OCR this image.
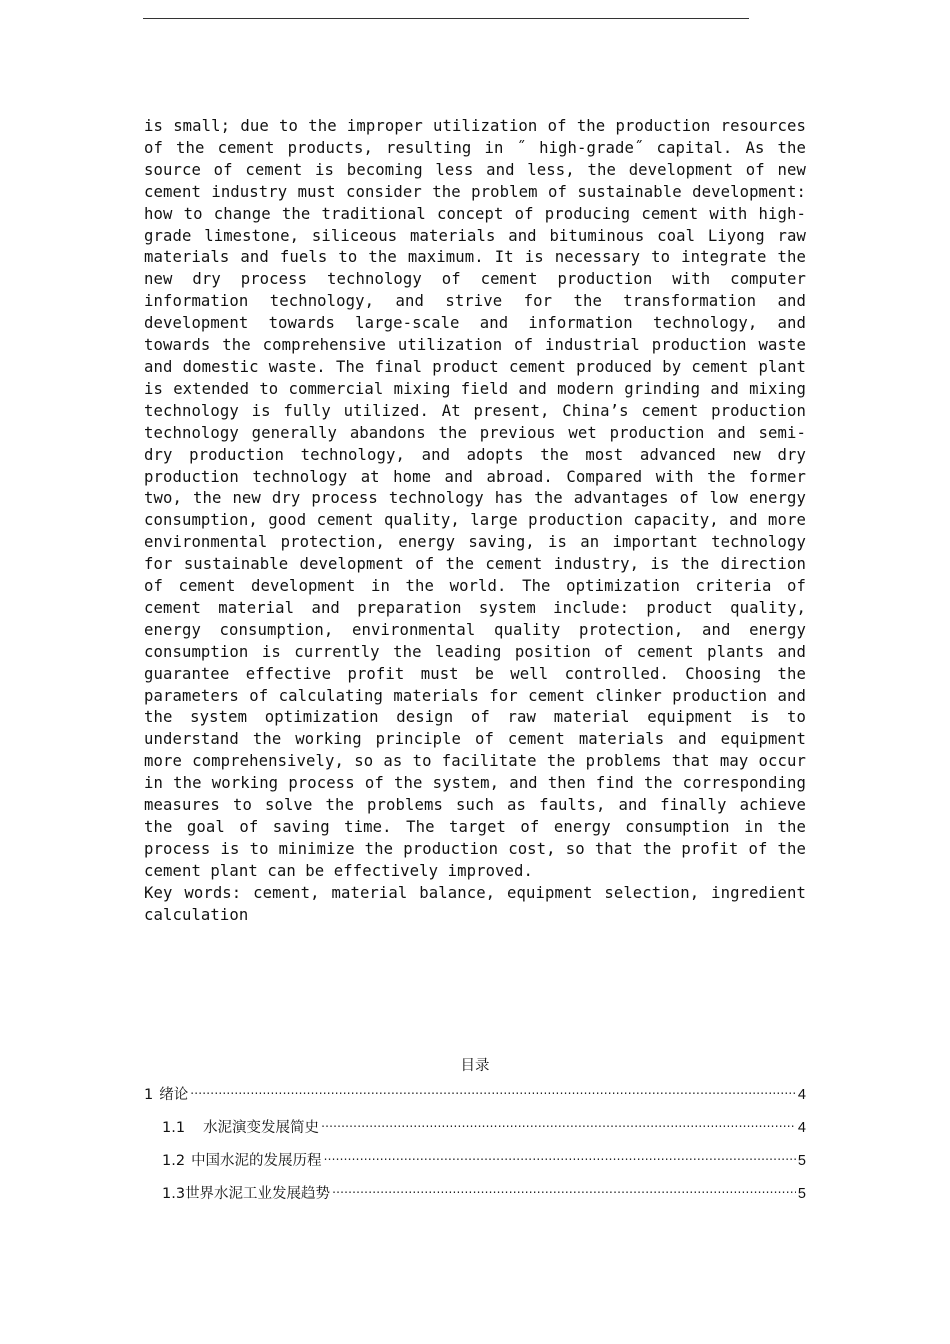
is small; due to the improper utilization of the production resources of the cement products, resulting in ˝ high-grade˝ capital. As the source of cement is becoming less and less, the development of new cement industry must consider the problem of sustainable development: how to change the traditional concept of producing cement with high-grade limestone, siliceous materials and bituminous coal Liyong raw materials and fuels to the maximum. It is necessary to integrate the new dry process technology of cement production with computer information technology, and strive for the transformation and development towards large-scale and information technology, and towards the comprehensive utilization of industrial production waste and domestic waste. The final product cement produced by cement plant is extended to commercial mixing field and modern grinding and mixing technology is fully utilized. At present, China’s cement production technology generally abandons the previous wet production and semi-dry production technology, and adopts the most advanced new dry production technology at home and abroad. Compared with the former two, the new dry process technology has the advantages of low energy consumption, good cement quality, large production capacity, and more environmental protection, energy saving, is an important technology for sustainable development of the cement industry, is the direction of cement development in the world. The optimization criteria of cement material and preparation system include: product quality, energy consumption, environmental quality protection, and energy consumption is currently the leading position of cement plants and guarantee effective profit must be well controlled. Choosing the parameters of calculating materials for cement clinker production and the system optimization design of raw material equipment is to understand the working principle of cement materials and equipment more comprehensively, so as to facilitate the problems that may occur in the working process of the system, and then find the corresponding measures to solve the problems such as faults, and finally achieve the goal of saving time. The target of energy consumption in the process is to minimize the production cost, so that the profit of the cement plant can be effectively improved.

Key words: cement, material balance, equipment selection, ingredient calculation

目录
1 绪论 .....	4
1.1 水泥演变发展简史 .....	4
1.2 中国水泥的发展历程 .....	5
1.3 世界水泥工业发展趋势 .....	5
